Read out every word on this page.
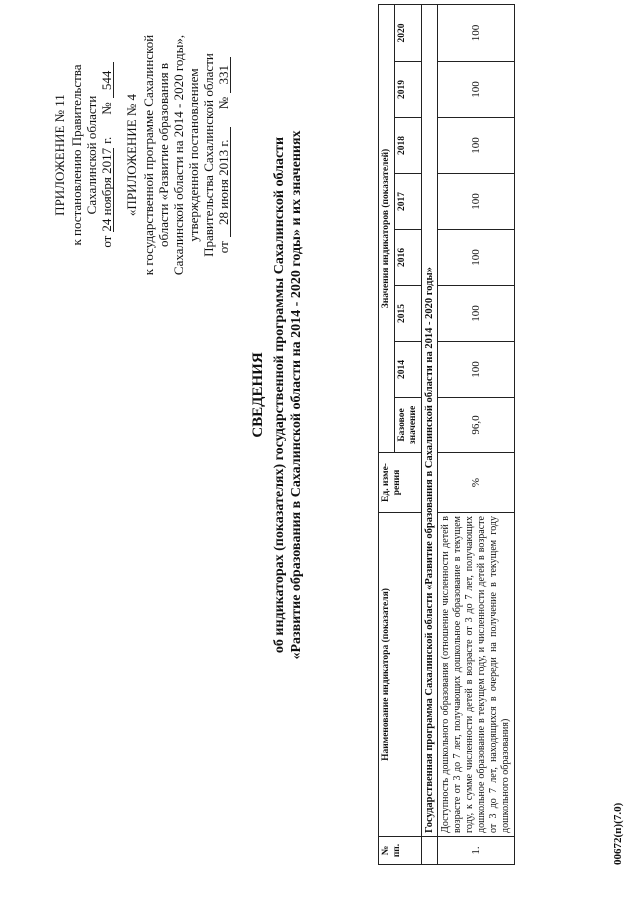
ПРИЛОЖЕНИЕ № 11 к постановлению Правительства Сахалинской области
от
24 ноября 2017
г.
№
544
«ПРИЛОЖЕНИЕ № 4 к государственной программе Сахалинской области «Развитие образования в Сахалинской области на 2014 - 2020 годы», утвержденной постановлением Правительства Сахалинской области от
28 июня 2013 г.
№
331
СВЕДЕНИЯ об индикаторах (показателях) государственной программы Сахалинской области «Развитие образования в Сахалинской области на 2014 - 2020 годы» и их значениях
№ пп.	Наименование индикатора (показателя)	Ед. изме-рения	Значения индикаторов (показателей)							
			Базовое значение	2014	2015	2016	2017	2018	2019	2020
	Государственная программа Сахалинской области «Развитие образования в Сахалинской области на 2014 - 2020 годы»									
1.	Доступность дошкольного образования (отношение численности детей в возрасте от 3 до 7 лет, получающих дошкольное образование в текущем году, к сумме численности детей в возрасте от 3 до 7 лет, получающих дошкольное образование в текущем году, и численности детей в возрасте от 3 до 7 лет, находящихся в очереди на получение в текущем году дошкольного образования)	%	96,0	100	100	100	100	100	100	100
00672(п)(7.0)
